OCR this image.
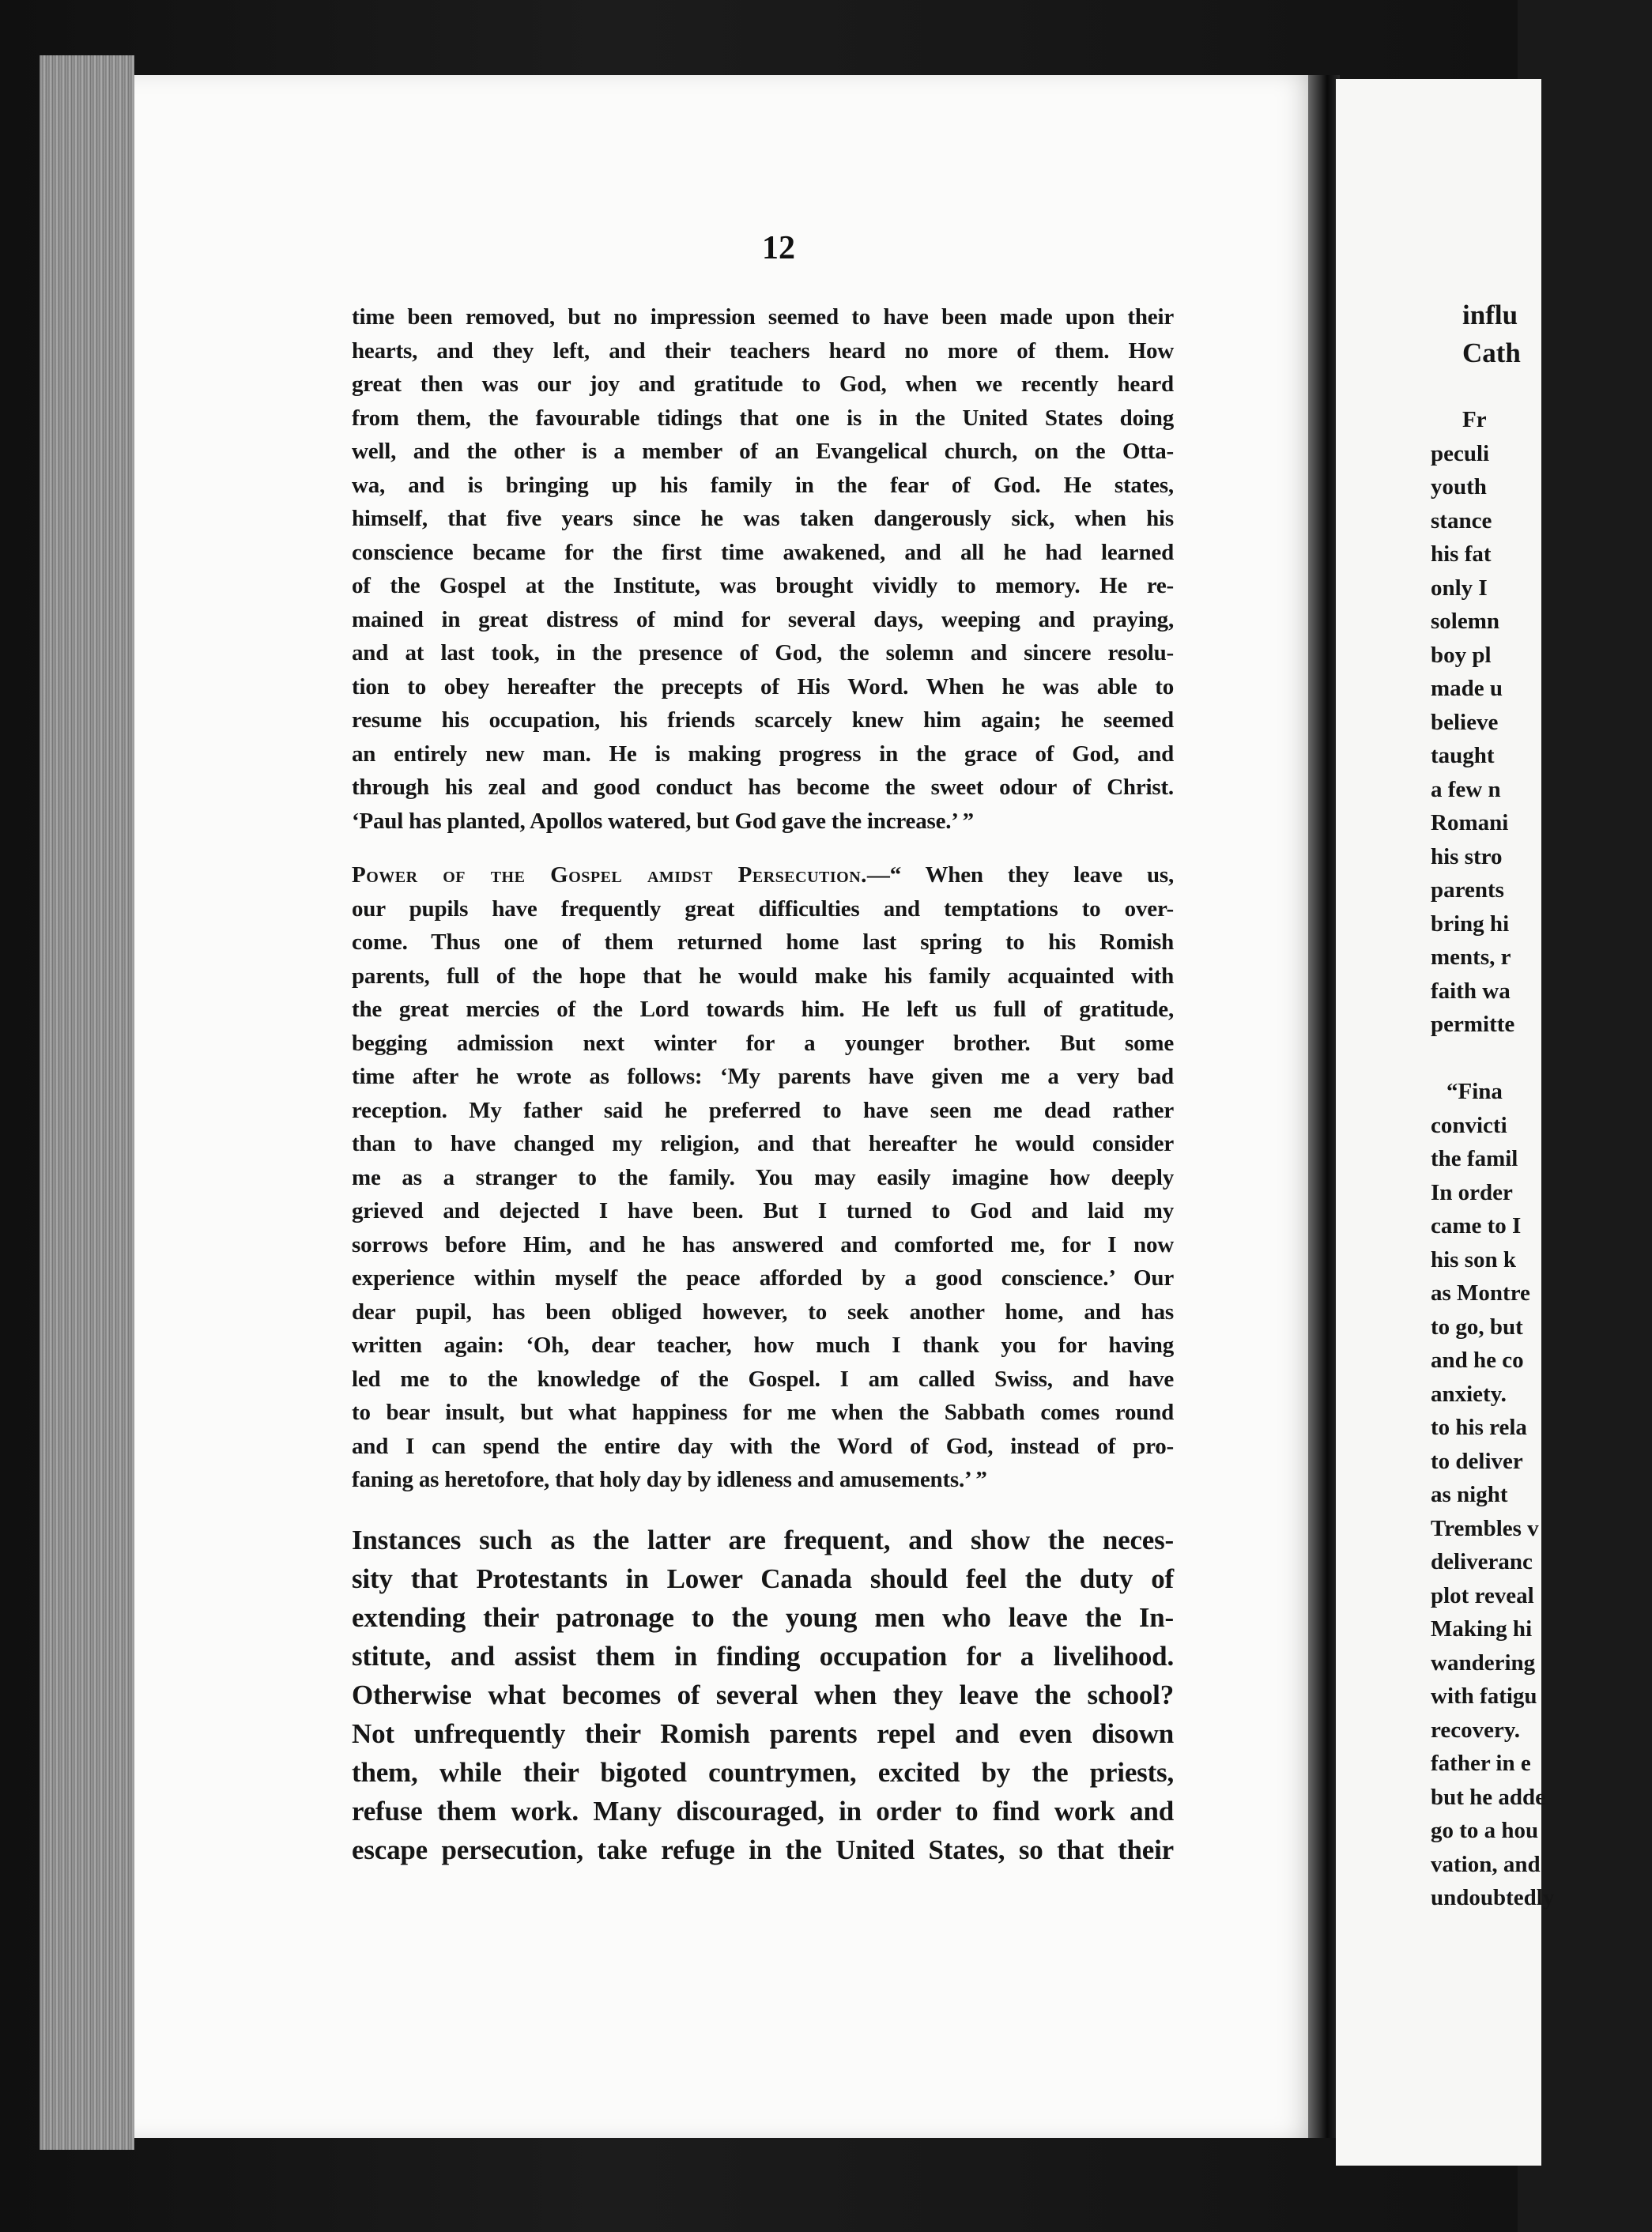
12
time been removed, but no impression seemed to have been made upon their
hearts, and they left, and their teachers heard no more of them. How
great then was our joy and gratitude to God, when we recently heard
from them, the favourable tidings that one is in the United States doing
well, and the other is a member of an Evangelical church, on the Otta-
wa, and is bringing up his family in the fear of God. He states,
himself, that five years since he was taken dangerously sick, when his
conscience became for the first time awakened, and all he had learned
of the Gospel at the Institute, was brought vividly to memory. He re-
mained in great distress of mind for several days, weeping and praying,
and at last took, in the presence of God, the solemn and sincere resolu-
tion to obey hereafter the precepts of His Word. When he was able to
resume his occupation, his friends scarcely knew him again; he seemed
an entirely new man. He is making progress in the grace of God, and
through his zeal and good conduct has become the sweet odour of Christ.
‘Paul has planted, Apollos watered, but God gave the increase.’ ”
Power of the Gospel amidst Persecution.—“ When they leave us,
our pupils have frequently great difficulties and temptations to over-
come. Thus one of them returned home last spring to his Romish
parents, full of the hope that he would make his family acquainted with
the great mercies of the Lord towards him. He left us full of gratitude,
begging admission next winter for a younger brother. But some
time after he wrote as follows: ‘My parents have given me a very bad
reception. My father said he preferred to have seen me dead rather
than to have changed my religion, and that hereafter he would consider
me as a stranger to the family. You may easily imagine how deeply
grieved and dejected I have been. But I turned to God and laid my
sorrows before Him, and he has answered and comforted me, for I now
experience within myself the peace afforded by a good conscience.’ Our
dear pupil, has been obliged however, to seek another home, and has
written again: ‘Oh, dear teacher, how much I thank you for having
led me to the knowledge of the Gospel. I am called Swiss, and have
to bear insult, but what happiness for me when the Sabbath comes round
and I can spend the entire day with the Word of God, instead of pro-
faning as heretofore, that holy day by idleness and amusements.’ ”
Instances such as the latter are frequent, and show the neces-
sity that Protestants in Lower Canada should feel the duty of
extending their patronage to the young men who leave the In-
stitute, and assist them in finding occupation for a livelihood.
Otherwise what becomes of several when they leave the school?
Not unfrequently their Romish parents repel and even disown
them, while their bigoted countrymen, excited by the priests,
refuse them work. Many discouraged, in order to find work and
escape persecution, take refuge in the United States, so that their
influ
Cath
Fr
peculi
youth
stance
his fat
only I
solemn
boy pl
made u
believe
taught
a few n
Romani
his stro
parents
bring hi
ments, r
faith wa
permitte
“Fina
convicti
the famil
In order
came to I
his son k
as Montre
to go, but
and he co
anxiety.
to his rela
to deliver
as night
Trembles v
deliveranc
plot reveal
Making hi
wandering
with fatigu
recovery.
father in e
but he adde
go to a hou
vation, and
undoubtedly
